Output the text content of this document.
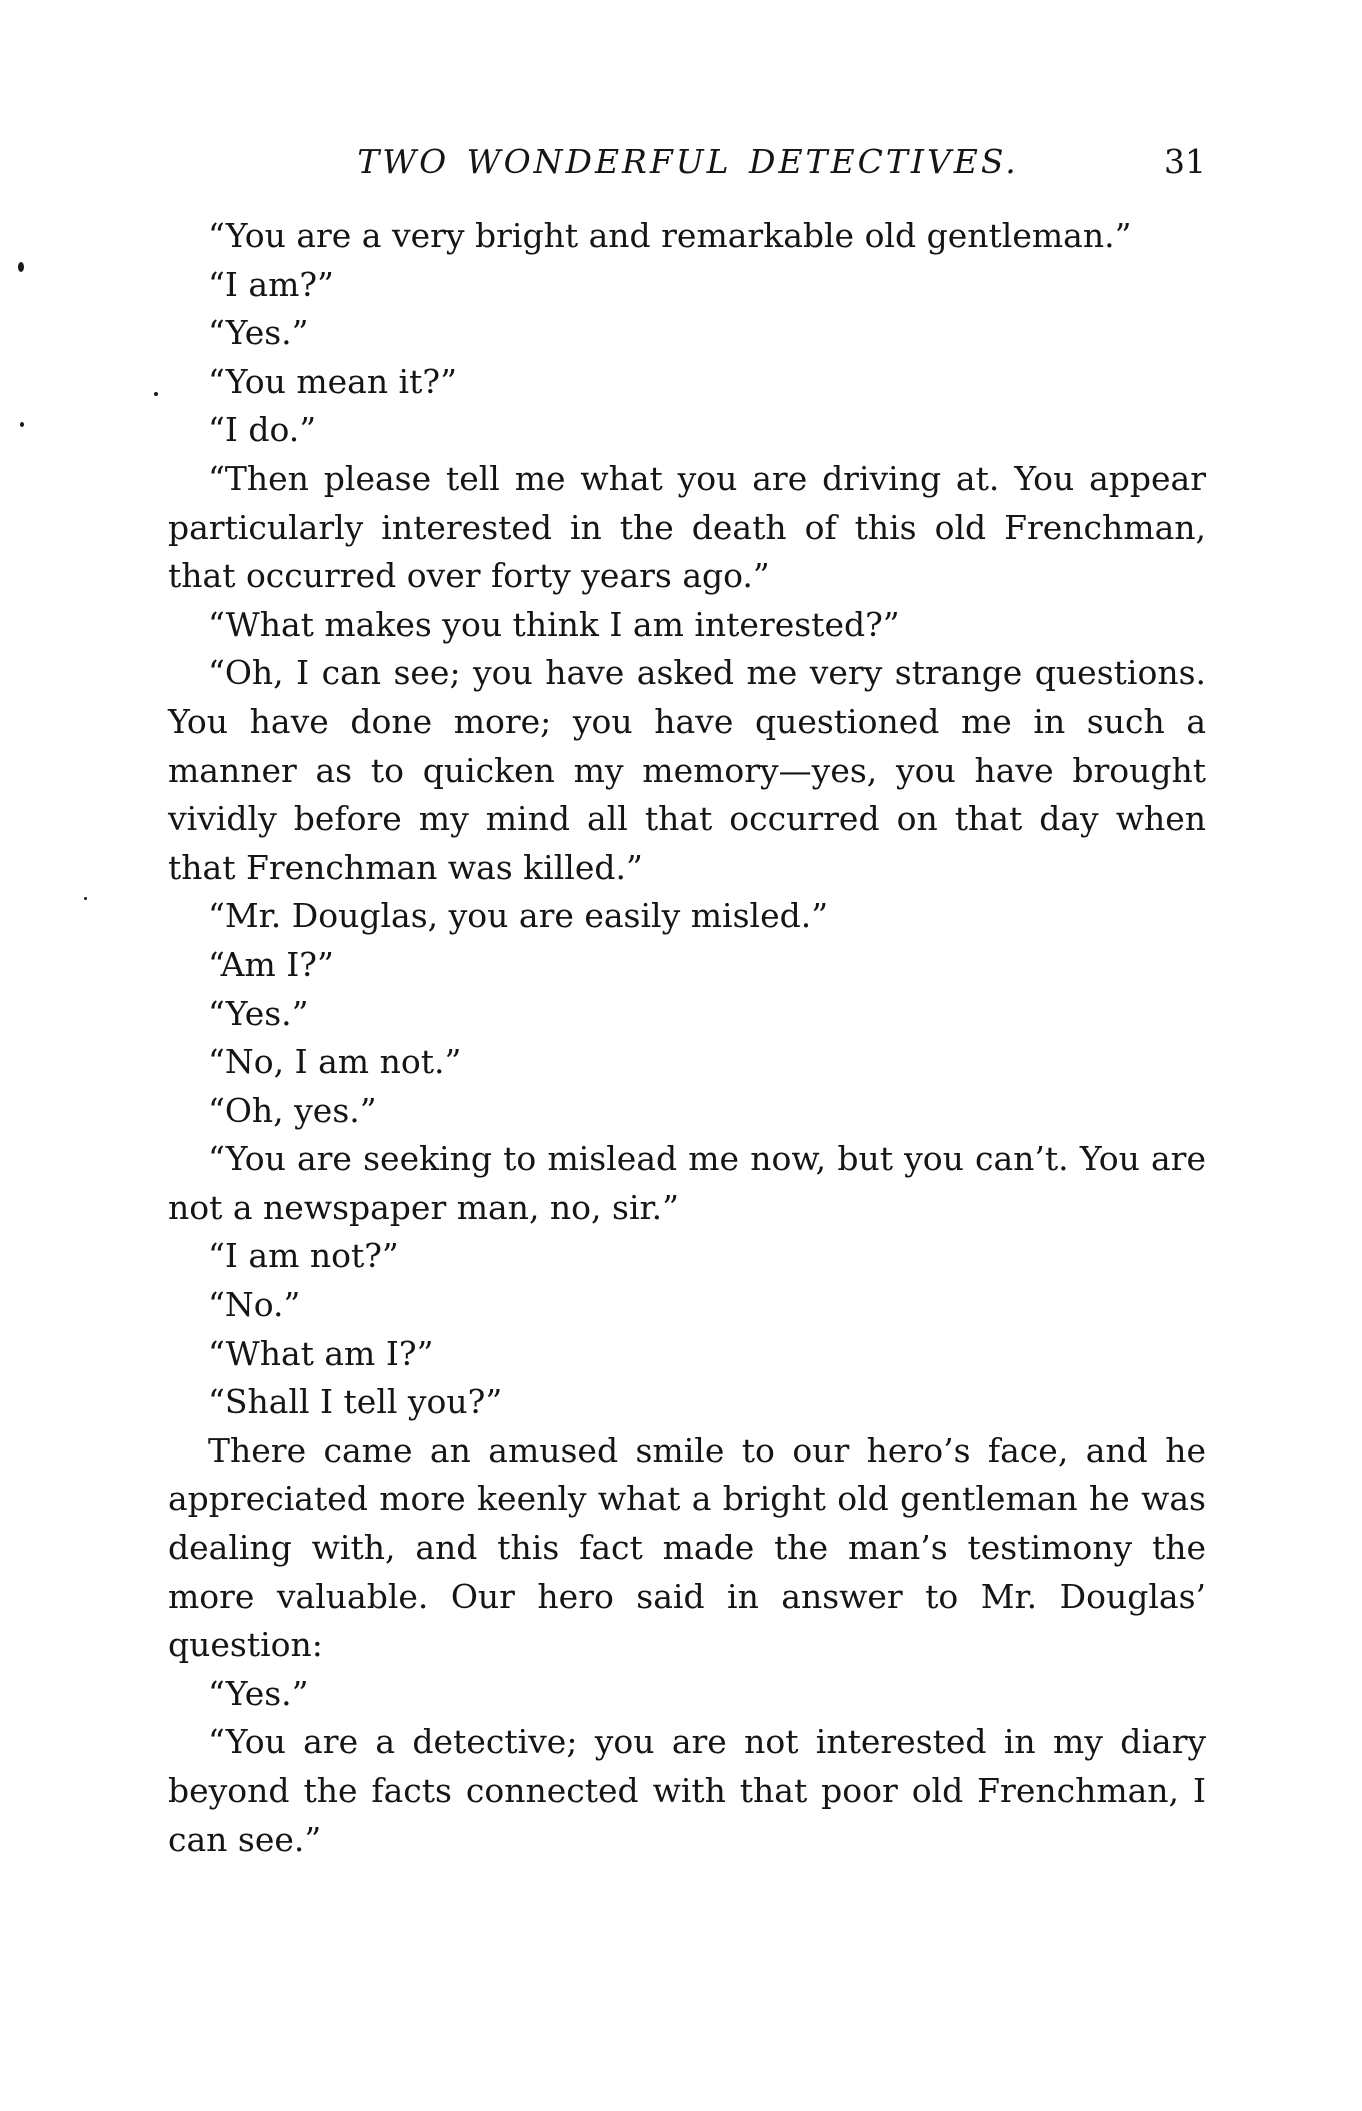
TWO WONDERFUL DETECTIVES.	31

“You are a very bright and remarkable old gentleman.”

“I am?”

“Yes.”

“You mean it?”

“I do.”

“Then please tell me what you are driving at. You appear particularly interested in the death of this old Frenchman, that occurred over forty years ago.”

“What makes you think I am interested?”

“Oh, I can see; you have asked me very strange questions. You have done more; you have questioned me in such a manner as to quicken my memory—yes, you have brought vividly before my mind all that occurred on that day when that Frenchman was killed.”

“Mr. Douglas, you are easily misled.”

“Am I?”

“Yes.”

“No, I am not.”

“Oh, yes.”

“You are seeking to mislead me now, but you can’t. You are not a newspaper man, no, sir.”

“I am not?”

“No.”

“What am I?”

“Shall I tell you?”

There came an amused smile to our hero’s face, and he appreciated more keenly what a bright old gentleman he was dealing with, and this fact made the man’s testimony the more valuable. Our hero said in answer to Mr. Douglas’ question:

“Yes.”

“You are a detective; you are not interested in my diary beyond the facts connected with that poor old Frenchman, I can see.”
